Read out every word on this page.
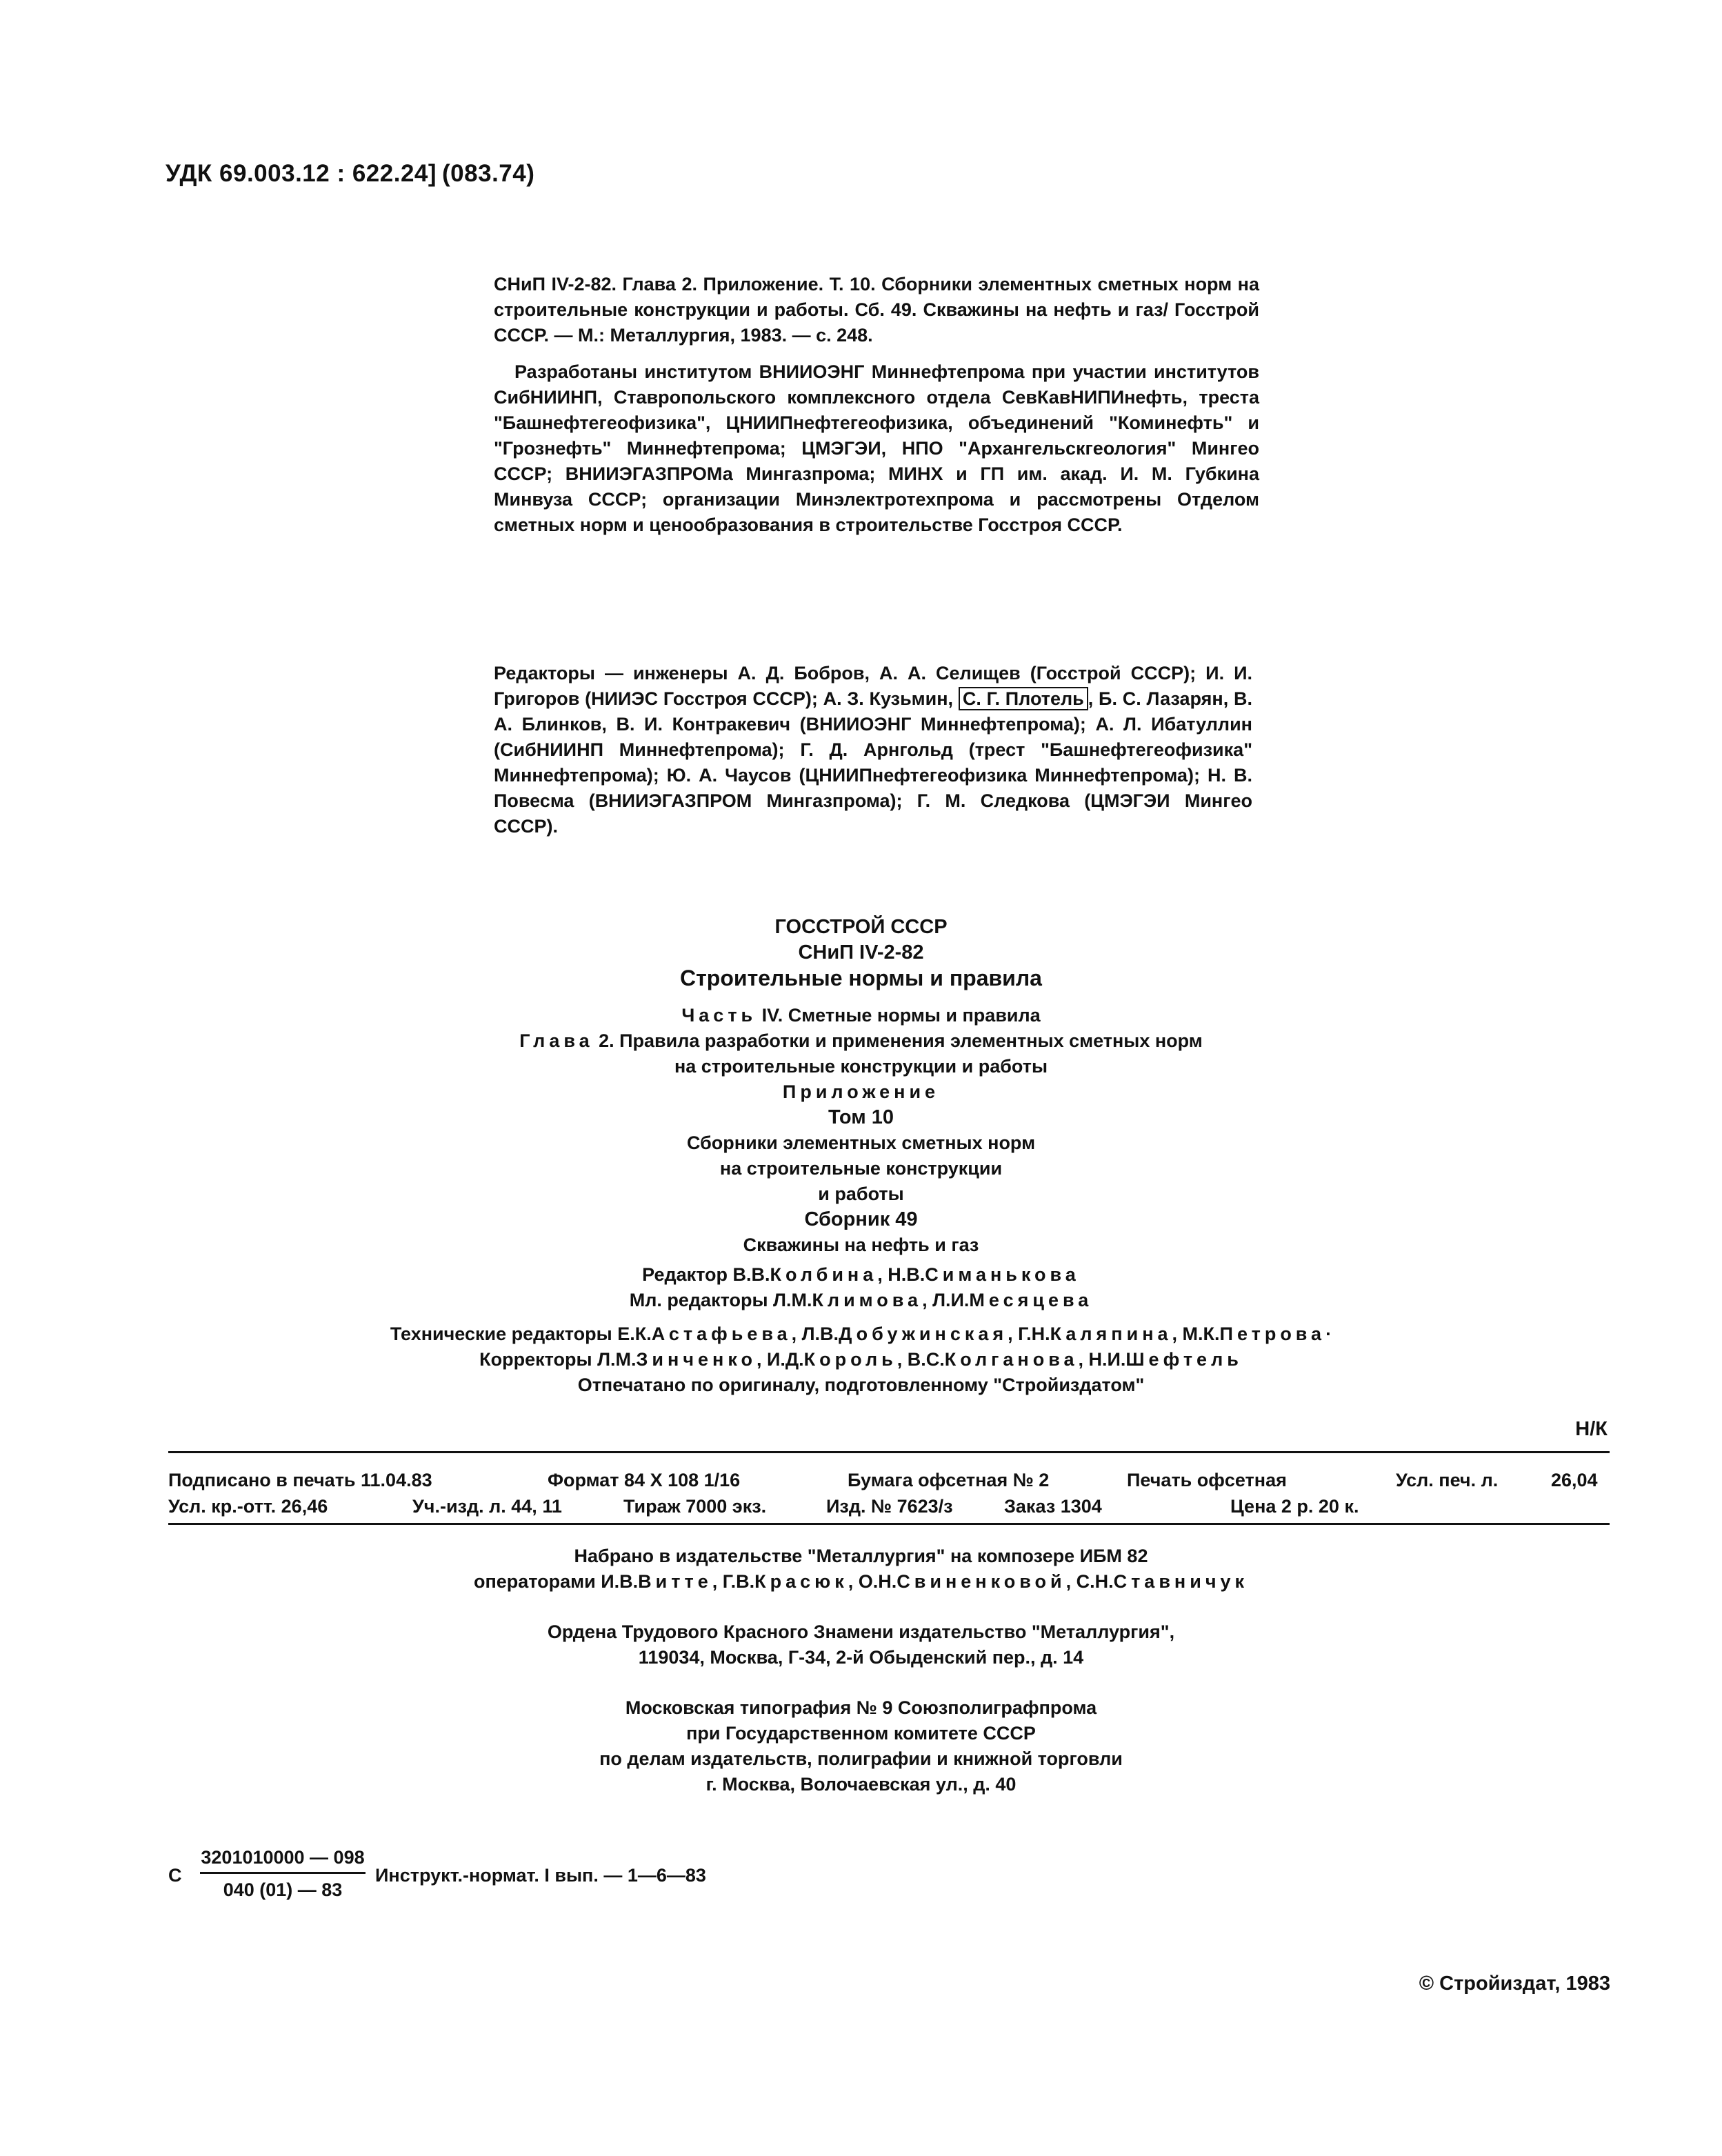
УДК 69.003.12 : 622.24] (083.74)

СНиП IV-2-82. Глава 2. Приложение. Т. 10. Сборники элементных сметных норм на строительные конструкции и работы. Сб. 49. Скважины на нефть и газ/ Госстрой СССР. — М.: Металлургия, 1983. — с. 248.

Разработаны институтом ВНИИОЭНГ Миннефтепрома при участии институтов СибНИИНП, Ставропольского комплексного отдела СевКавНИПИнефть, треста "Башнефтегеофизика", ЦНИИПнефтегеофизика, объединений "Коминефть" и "Грознефть" Миннефтепрома; ЦМЭГЭИ, НПО "Архангельскгеология" Мингео СССР; ВНИИЭГАЗПРОМа Мингазпрома; МИНХ и ГП им. акад. И. М. Губкина Минвуза СССР; организации Минэлектротехпрома и рассмотрены Отделом сметных норм и ценообразования в строительстве Госстроя СССР.

Редакторы — инженеры А. Д. Бобров, А. А. Селищев (Госстрой СССР); И. И. Григоров (НИИЭС Госстроя СССР); А. З. Кузьмин, С. Г. Плотель , Б. С. Лазарян, В. А. Блинков, В. И. Контракевич (ВНИИОЭНГ Миннефтепрома); А. Л. Ибатуллин (СибНИИНП Миннефтепрома); Г. Д. Арнгольд (трест "Башнефтегеофизика" Миннефтепрома); Ю. А. Чаусов (ЦНИИПнефтегеофизика Миннефтепрома); Н. В. Повесма (ВНИИЭГАЗПРОМ Мингазпрома); Г. М. Следкова (ЦМЭГЭИ Мингео СССР).
ГОССТРОЙ СССР
СНиП IV-2-82
Строительные нормы и правила
Часть IV. Сметные нормы и правила
Глава 2. Правила разработки и применения элементных сметных норм
на строительные конструкции и работы
Приложение
Том 10
Сборники элементных сметных норм
на строительные конструкции
и работы
Сборник 49
Скважины на нефть и газ
Редактор В.В.Колбина, Н.В.Симанькова
Мл. редакторы Л.М.Климова, Л.И.Месяцева
Технические редакторы Е.К.Астафьева, Л.В.Добужинская, Г.Н.Каляпина, М.К.Петрова·
Корректоры Л.М.Зинченко, И.Д.Король, В.С.Колганова, Н.И.Шефтель
Отпечатано по оригиналу, подготовленному "Стройиздатом"
Н/К
Подписано в печать 11.04.83	Формат 84 Х 108 1/16	Бумага офсетная № 2	Печать офсетная	Усл. печ. л.	26,04
Усл. кр.-отт. 26,46	Уч.-изд. л. 44, 11	Тираж 7000 экз.	Изд. № 7623/з	Заказ 1304	Цена 2 р. 20 к.
Набрано в издательстве "Металлургия" на композере ИБМ 82
операторами И.В.Витте, Г.В.Красюк, О.Н.Свиненковой, С.Н.Ставничук
Ордена Трудового Красного Знамени издательство "Металлургия",
119034, Москва, Г-34, 2-й Обыденский пер., д. 14
Московская типография № 9 Союзполиграфпрома
при Государственном комитете СССР
по делам издательств, полиграфии и книжной торговли
г. Москва, Волочаевская ул., д. 40
С
3201010000 — 098
040 (01) — 83
Инструкт.-нормат. I вып. — 1—6—83
© Стройиздат, 1983
